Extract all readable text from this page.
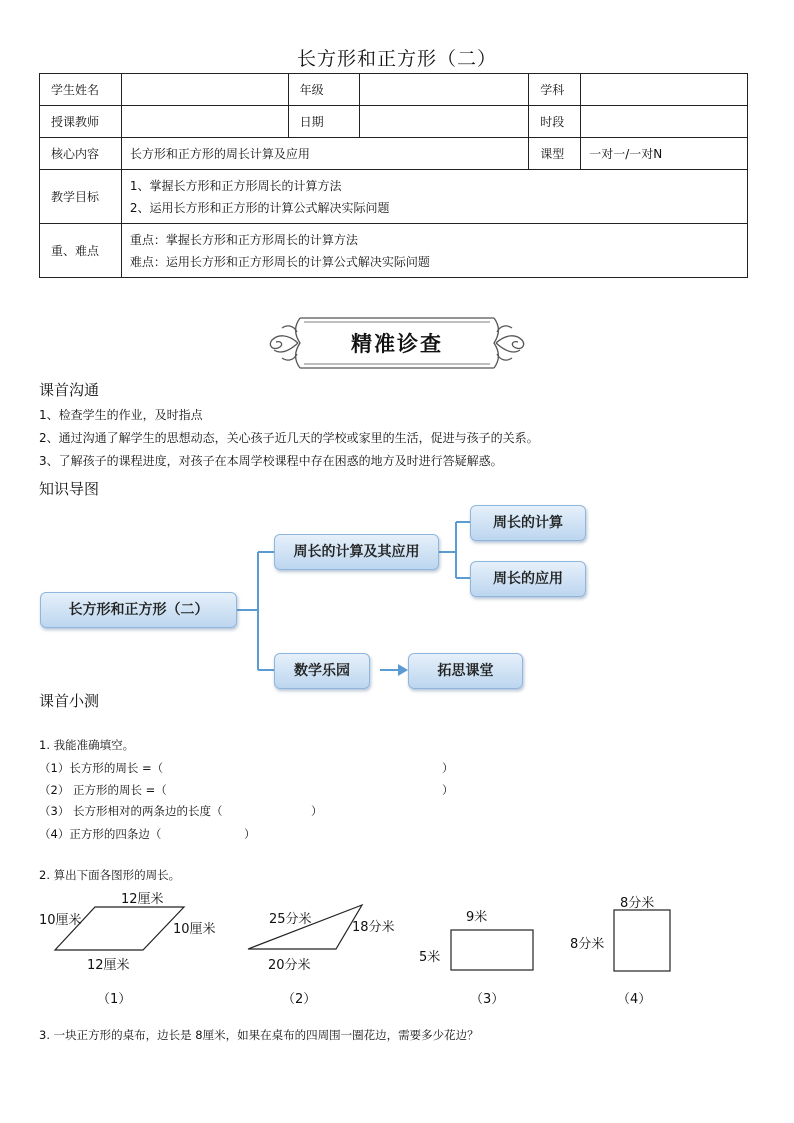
长方形和正方形（二）
学生姓名		年级		学科	
授课教师		日期		时段	
核心内容	长方形和正方形的周长计算及应用			课型	一对一/一对N
教学目标	1、掌握长方形和正方形周长的计算方法
2、运用长方形和正方形的计算公式解决实际问题				

重、难点	重点：掌握长方形和正方形周长的计算方法
难点：运用长方形和正方形周长的计算公式解决实际问题				
精准诊查
课首沟通
1、检查学生的作业，及时指点
2、通过沟通了解学生的思想动态，关心孩子近几天的学校或家里的生活，促进与孩子的关系。
3、了解孩子的课程进度，对孩子在本周学校课程中存在困惑的地方及时进行答疑解惑。
知识导图
长方形和正方形（二）
周长的计算及其应用
周长的计算
周长的应用
数学乐园	拓思课堂
课首小测
1. 我能准确填空。
（1）长方形的周长 =（	）
（2） 正方形的周长 =（	）
（3） 长方形相对的两条边的长度（	）
（4）正方形的四条边（	）
2. 算出下面各图形的周长。
12厘米
10厘米
10厘米
12厘米
（1）
25分米
18分米
20分米
（2）
9米
5米
（3）
8分米
8分米
（4）
3. 一块正方形的桌布，边长是 8厘米，如果在桌布的四周围一圈花边，需要多少花边？
